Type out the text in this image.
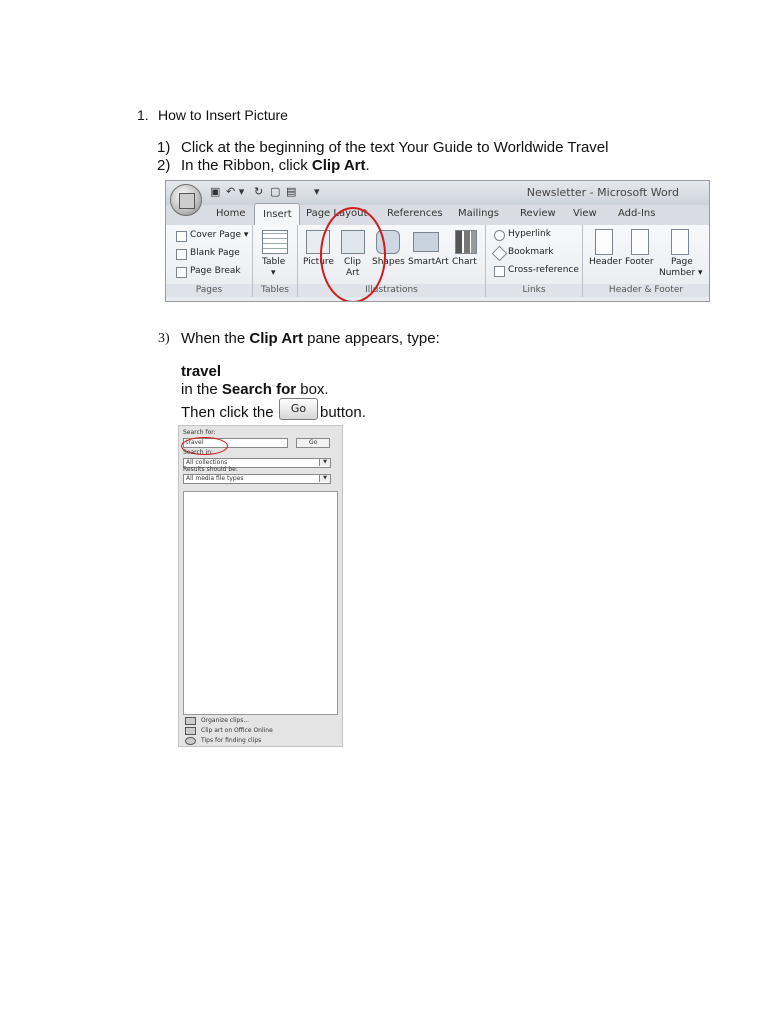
1. How to Insert Picture
1) Click at the beginning of the text Your Guide to Worldwide Travel
2) In the Ribbon, click Clip Art.
▣ ↶ ▾ ↻ ▢ ▤ ▾	Newsletter - Microsoft Word
Home	Page Layout References Mailings Review View Add-Ins
Insert
Cover Page ▾
Blank Page
Page Break
Pages
Table
▾
Tables
Picture Clip
Art
Shapes SmartArt Chart
Illustrations
Hyperlink
Bookmark
Cross-reference
Links
Header Footer Page
Number ▾
Header & Footer
3) When the Clip Art pane appears, type:
travel
in the Search for box.
Then click the	Go button.
Search for:
travel	Go
Search in:
All collections	▼
Results should be:
All media file types	▼
Organize clips...
Clip art on Office Online
Tips for finding clips
